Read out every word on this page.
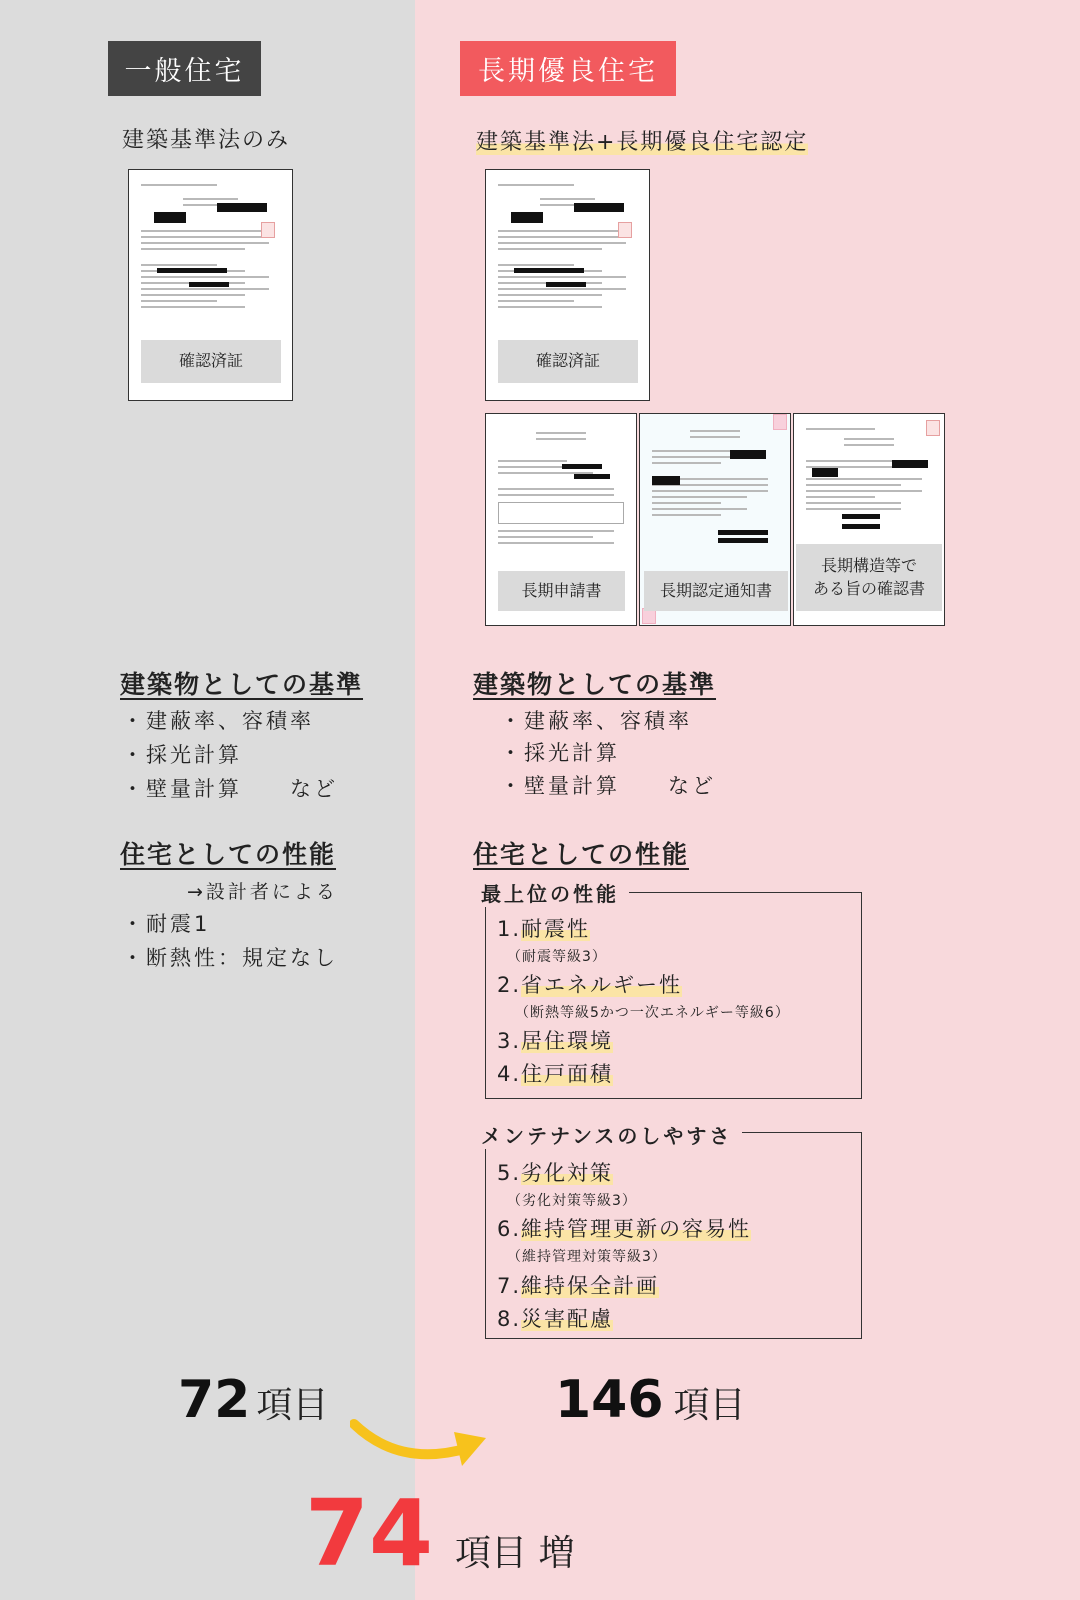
一般住宅	長期優良住宅
建築基準法のみ	建築基準法+長期優良住宅認定
確認済証	確認済証
長期申請書	長期認定通知書
長期構造等で
ある旨の確認書
建築物としての基準
・建蔽率、容積率
・採光計算
・壁量計算　　など
建築物としての基準
・建蔽率、容積率
・採光計算
・壁量計算　　など
住宅としての性能
→設計者による
・耐震1
・断熱性：規定なし
住宅としての性能
最上位の性能
1.耐震性
（耐震等級3）
2.省エネルギー性
（断熱等級5かつ一次エネルギー等級6）
3.居住環境
4.住戸面積
メンテナンスのしやすさ
5.劣化対策
（劣化対策等級3）
6.維持管理更新の容易性
（維持管理対策等級3）
7.維持保全計画
8.災害配慮
72 項目	146 項目
74 項目 増
